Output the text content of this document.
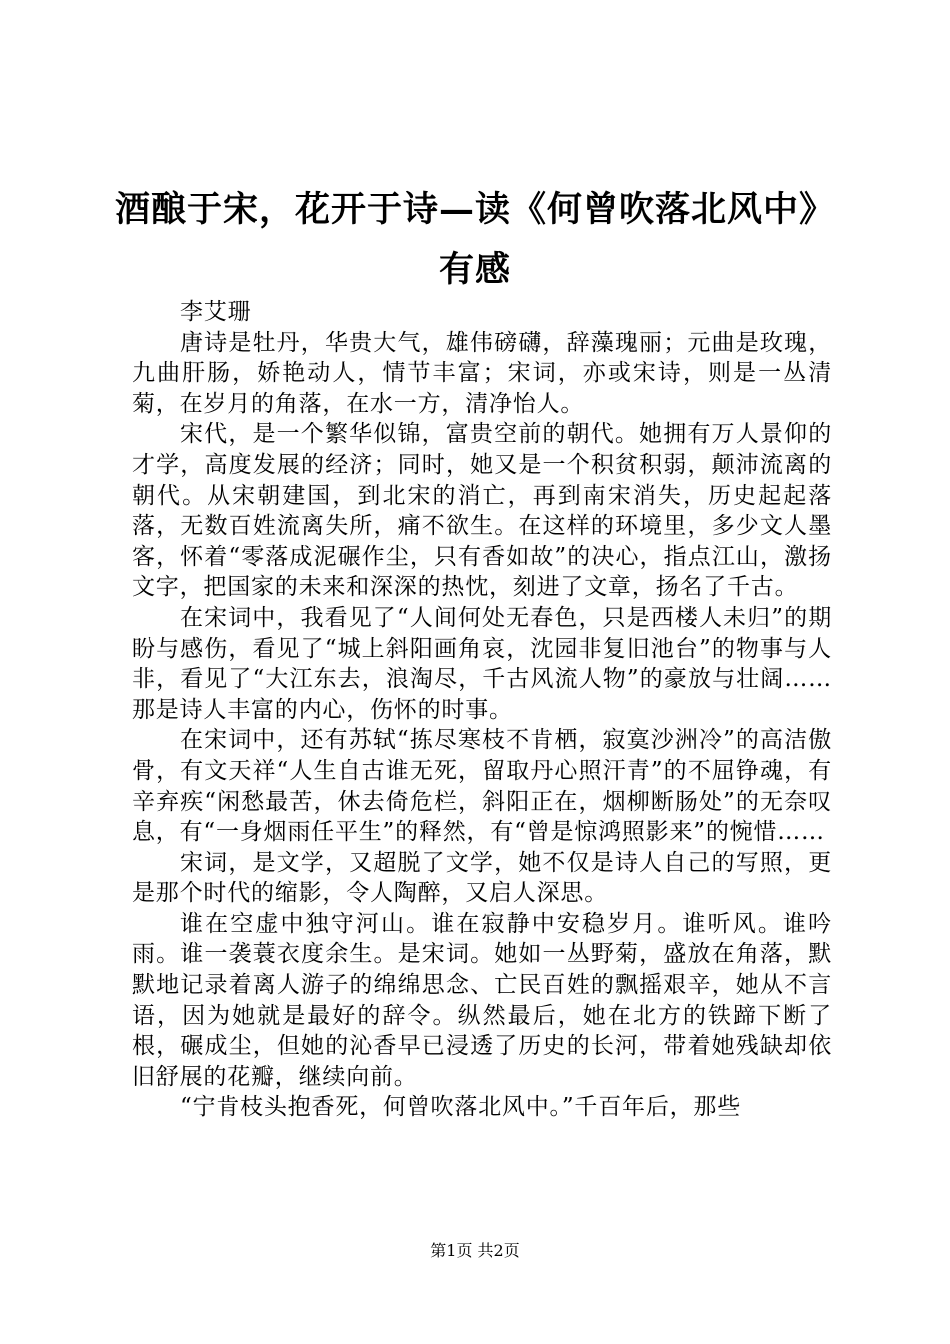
酒酿于宋，花开于诗—读《何曾吹落北风中》
有感

李艾珊

唐诗是牡丹，华贵大气，雄伟磅礴，辞藻瑰丽；元曲是玫瑰，九曲肝肠，娇艳动人，情节丰富；宋词，亦或宋诗，则是一丛清菊，在岁月的角落，在水一方，清净怡人。

宋代，是一个繁华似锦，富贵空前的朝代。她拥有万人景仰的才学，高度发展的经济；同时，她又是一个积贫积弱，颠沛流离的朝代。从宋朝建国，到北宋的消亡，再到南宋消失，历史起起落落，无数百姓流离失所，痛不欲生。在这样的环境里，多少文人墨客，怀着“零落成泥碾作尘，只有香如故”的决心，指点江山，激扬文字，把国家的未来和深深的热忱，刻进了文章，扬名了千古。

在宋词中，我看见了“人间何处无春色，只是西楼人未归”的期盼与感伤，看见了“城上斜阳画角哀，沈园非复旧池台”的物事与人非，看见了“大江东去，浪淘尽，千古风流人物”的豪放与壮阔……那是诗人丰富的内心，伤怀的时事。

在宋词中，还有苏轼“拣尽寒枝不肯栖，寂寞沙洲冷”的高洁傲骨，有文天祥“人生自古谁无死，留取丹心照汗青”的不屈铮魂，有辛弃疾“闲愁最苦，休去倚危栏，斜阳正在，烟柳断肠处”的无奈叹息，有“一身烟雨任平生”的释然，有“曾是惊鸿照影来”的惋惜……

宋词，是文学，又超脱了文学，她不仅是诗人自己的写照，更是那个时代的缩影，令人陶醉，又启人深思。

谁在空虚中独守河山。谁在寂静中安稳岁月。谁听风。谁吟雨。谁一袭蓑衣度余生。是宋词。她如一丛野菊，盛放在角落，默默地记录着离人游子的绵绵思念、亡民百姓的飘摇艰辛，她从不言语，因为她就是最好的辞令。纵然最后，她在北方的铁蹄下断了根，碾成尘，但她的沁香早已浸透了历史的长河，带着她残缺却依旧舒展的花瓣，继续向前。

“宁肯枝头抱香死，何曾吹落北风中。”千百年后，那些

第1页 共2页
